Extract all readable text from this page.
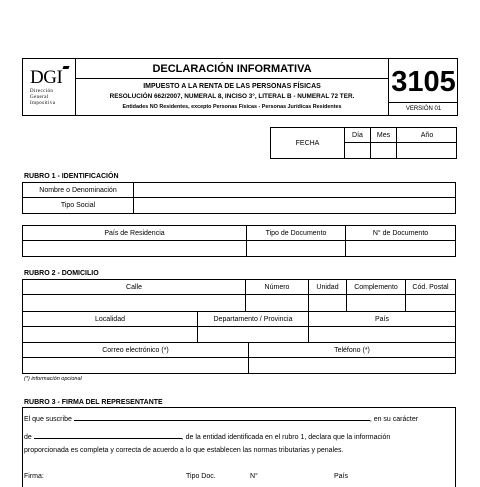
DGI
Dirección
General
Impositiva
DECLARACIÓN INFORMATIVA
IMPUESTO A LA RENTA DE LAS PERSONAS FÍSICAS
RESOLUCIÓN 662/2007, NUMERAL 8, INCISO 3°, LITERAL B - NUMERAL 72 TER.
Entidades NO Residentes, excepto Personas Físicas - Personas Jurídicas Residentes
3105
VERSIÓN 01
FECHA
Día	Mes	Año
RUBRO 1 - IDENTIFICACIÓN
Nombre o Denominación
Tipo Social
País de Residencia	Tipo de Documento	N° de Documento
RUBRO 2 - DOMICILIO
Calle	Número	Unidad	Complemento	Cód. Postal
Localidad	Departamento / Provincia	País
Correo electrónico (*)	Teléfono (*)
(*) información opcional
RUBRO 3 - FIRMA DEL REPRESENTANTE
El que suscribe	, en su carácter
de	, de la entidad identificada en el rubro 1, declara que la información
proporcionada es completa y correcta de acuerdo a lo que establecen las normas tributarias y penales.
Firma:	Tipo Doc.	N°	País
